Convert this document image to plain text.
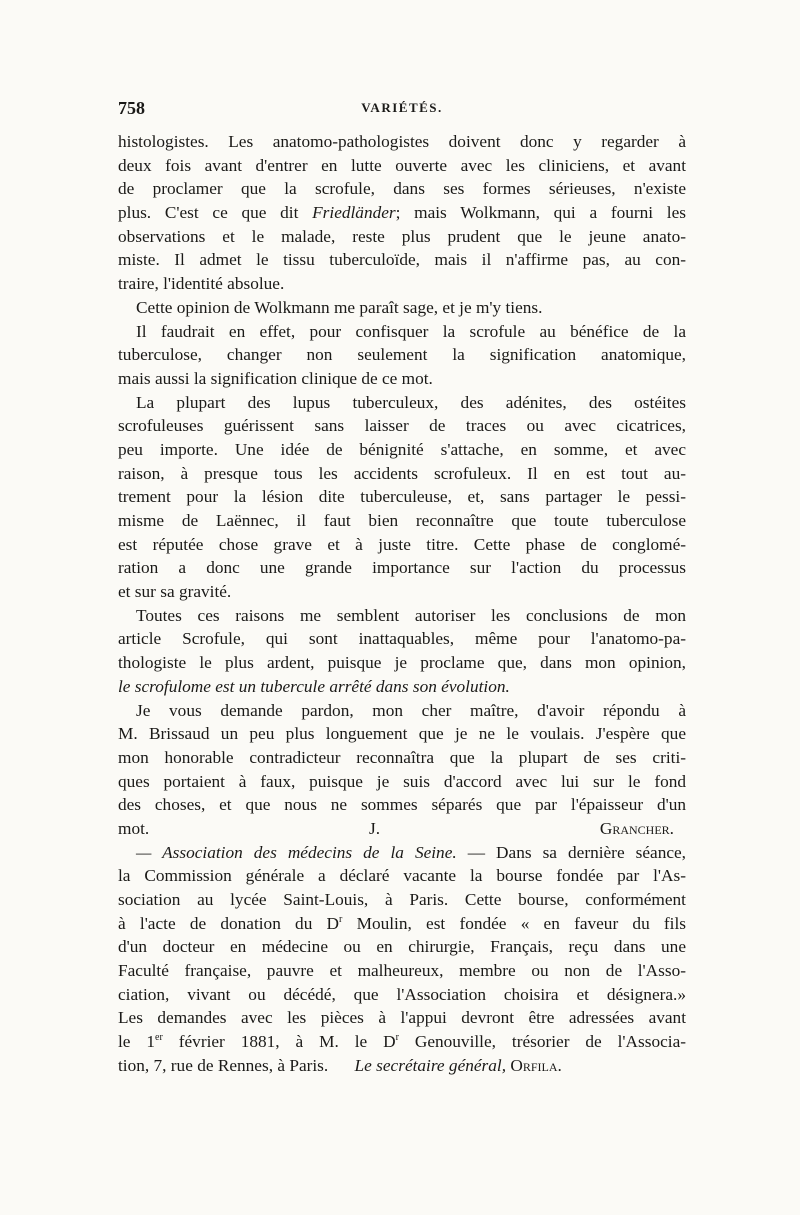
758	VARIÉTÉS.
histologistes. Les anatomo-pathologistes doivent donc y regarder à
deux fois avant d'entrer en lutte ouverte avec les cliniciens, et avant
de proclamer que la scrofule, dans ses formes sérieuses, n'existe
plus. C'est ce que dit Friedländer; mais Wolkmann, qui a fourni les
observations et le malade, reste plus prudent que le jeune anato-
miste. Il admet le tissu tuberculoïde, mais il n'affirme pas, au con-
traire, l'identité absolue.
Cette opinion de Wolkmann me paraît sage, et je m'y tiens.
Il faudrait en effet, pour confisquer la scrofule au bénéfice de la
tuberculose, changer non seulement la signification anatomique,
mais aussi la signification clinique de ce mot.
La plupart des lupus tuberculeux, des adénites, des ostéites
scrofuleuses guérissent sans laisser de traces ou avec cicatrices,
peu importe. Une idée de bénignité s'attache, en somme, et avec
raison, à presque tous les accidents scrofuleux. Il en est tout au-
trement pour la lésion dite tuberculeuse, et, sans partager le pessi-
misme de Laënnec, il faut bien reconnaître que toute tuberculose
est réputée chose grave et à juste titre. Cette phase de conglomé-
ration a donc une grande importance sur l'action du processus
et sur sa gravité.
Toutes ces raisons me semblent autoriser les conclusions de mon
article Scrofule, qui sont inattaquables, même pour l'anatomo-pa-
thologiste le plus ardent, puisque je proclame que, dans mon opinion,
le scrofulome est un tubercule arrêté dans son évolution.
Je vous demande pardon, mon cher maître, d'avoir répondu à
M. Brissaud un peu plus longuement que je ne le voulais. J'espère que
mon honorable contradicteur reconnaîtra que la plupart de ses criti-
ques portaient à faux, puisque je suis d'accord avec lui sur le fond
des choses, et que nous ne sommes séparés que par l'épaisseur d'un
mot.	J. Grancher.
— Association des médecins de la Seine. — Dans sa dernière séance,
la Commission générale a déclaré vacante la bourse fondée par l'As-
sociation au lycée Saint-Louis, à Paris. Cette bourse, conformément
à l'acte de donation du $D^r$ Moulin, est fondée « en faveur du fils
d'un docteur en médecine ou en chirurgie, Français, reçu dans une
Faculté française, pauvre et malheureux, membre ou non de l'Asso-
ciation, vivant ou décédé, que l'Association choisira et désignera.»
Les demandes avec les pièces à l'appui devront être adressées avant
le 1er février 1881, à M. le $D^r$ Genouville, trésorier de l'Associa-
tion, 7, rue de Rennes, à Paris. Le secrétaire général, Orfila.
